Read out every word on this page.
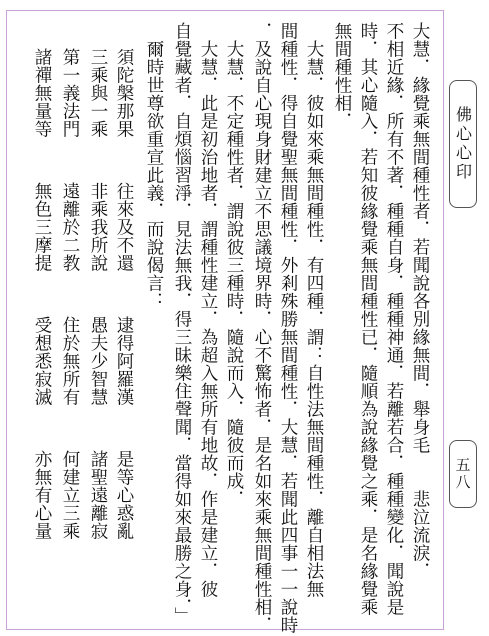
大慧．緣覺乘無間種性者．若聞說各別緣無間．舉身毛　　悲泣流淚．
不相近緣．所有不著．種種自身．種種神通．若離若合．種種變化．聞說是
時．其心隨入．若知彼緣覺乘無間種性已．隨順為說緣覺之乘．是名緣覺乘
無間種性相．
　大慧．彼如來乘無間種性．有四種．謂：自性法無間種性．離自相法無
間種性．得自覺聖無間種性．外剎殊勝無間種性．大慧．若聞此四事一一說時
．及說自心現身財建立不思議境界時．心不驚怖者．是名如來乘無間種性相．
　大慧．不定種性者．謂說彼三種時．隨說而入．隨彼而成．
　大慧．此是初治地者．謂種性建立．為超入無所有地故．作是建立．彼
自覺藏者．自煩惱習淨．見法無我．得三昧樂住聲聞．當得如來最勝之身．」
　爾時世尊欲重宣此義．而說偈言：
須陀槃那果
往來及不還
逮得阿羅漢
三乘與一乘
非乘我所說
愚夫少智慧
第一義法門
遠離於二教
住於無所有
諸禪無量等
無色三摩提
受想悉寂滅
是等心惑亂
諸聖遠離寂
何建立三乘
亦無有心量
佛心心印
五八
